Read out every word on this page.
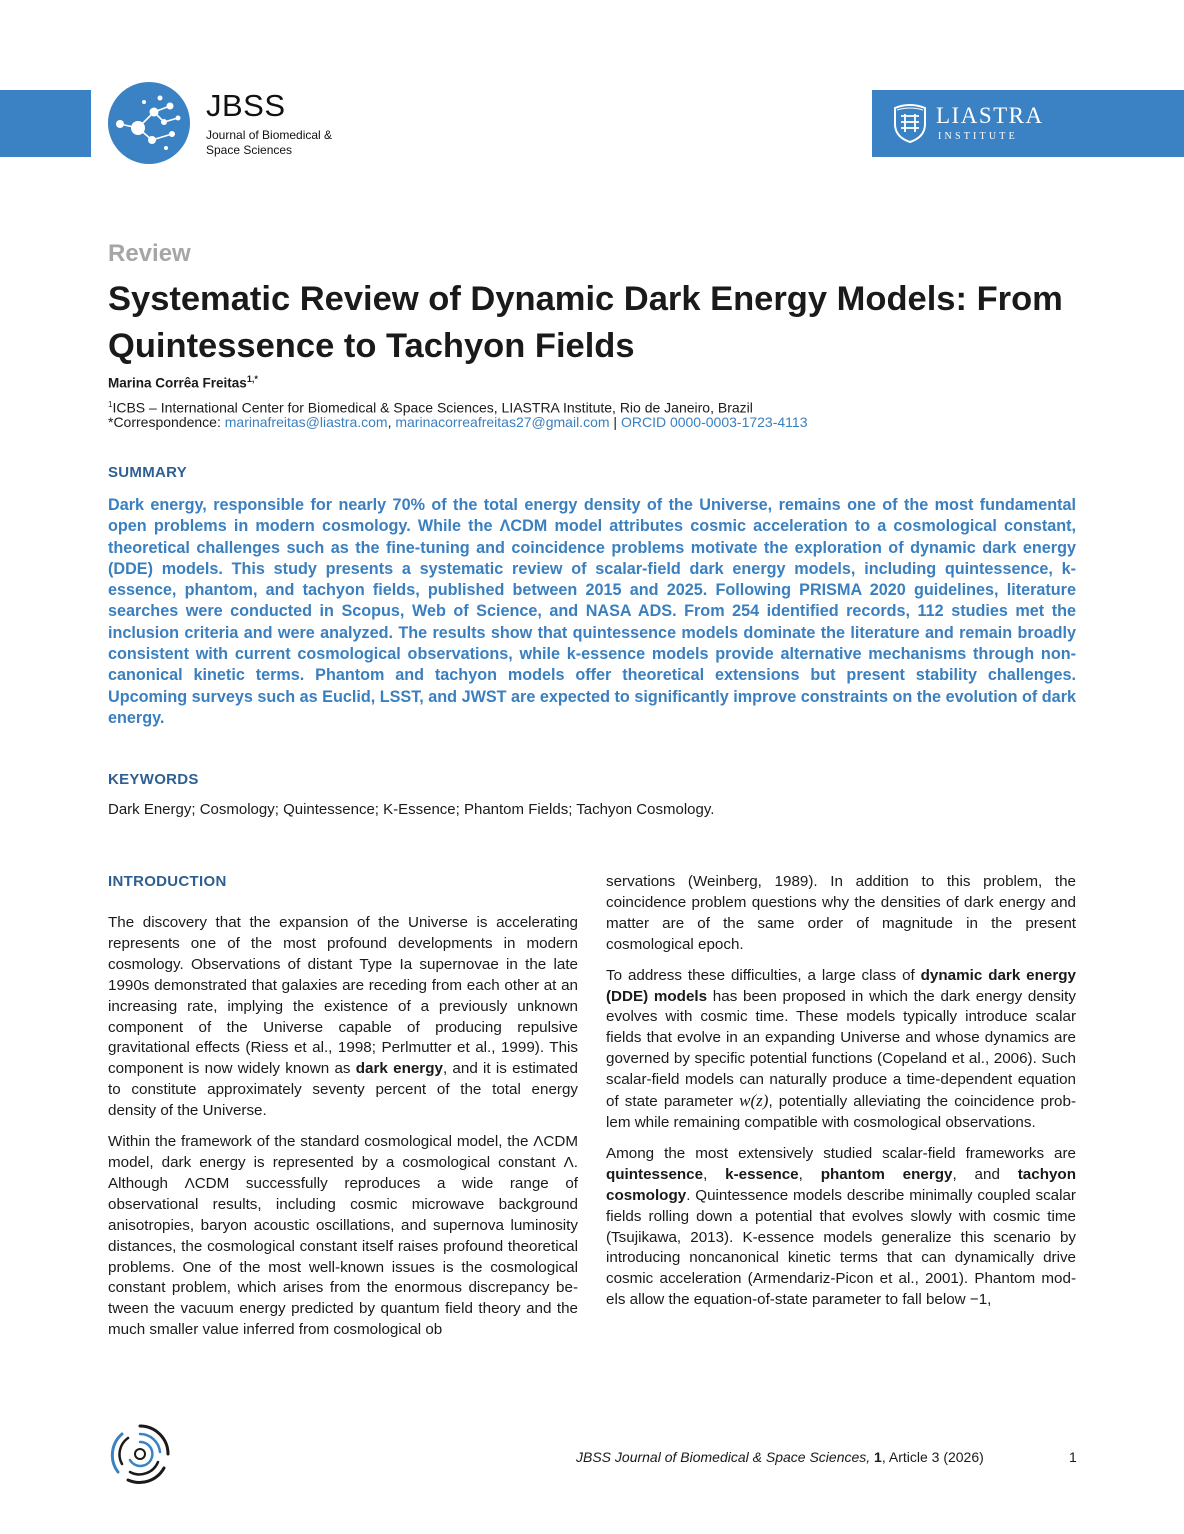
JBSS
Journal of Biomedical &
Space Sciences
LIASTRA
INSTITUTE
Review
Systematic Review of Dynamic Dark Energy Models: From Quintessence to Tachyon Fields
Marina Corrêa Freitas$^{1,*}$
$^1$ICBS – International Center for Biomedical & Space Sciences, LIASTRA Institute, Rio de Janeiro, Brazil
*Correspondence: marinafreitas@liastra.com, marinacorreafreitas27@gmail.com | ORCID 0000-0003-1723-4113
SUMMARY
Dark energy, responsible for nearly 70% of the total energy density of the Universe, remains one of the most fundamental open problems in modern cosmology. While the ΛCDM model attributes cosmic acceleration to a cosmological constant, theoretical challenges such as the fine-tuning and coincidence problems motivate the exploration of dynamic dark energy (DDE) models. This study presents a systematic review of scalar-field dark energy models, including quintessence, k-essence, phantom, and tachyon fields, published between 2015 and 2025. Following PRISMA 2020 guidelines, literature searches were conducted in Scopus, Web of Science, and NASA ADS. From 254 identified records, 112 studies met the inclusion criteria and were analyzed. The results show that quintessence models dominate the literature and remain broadly consistent with current cosmological observations, while k-essence models provide alternative mechanisms through non-canonical kinetic terms. Phantom and tachyon models offer theoretical extensions but present stability challenges. Upcoming surveys such as Euclid, LSST, and JWST are expected to significantly improve constraints on the evolution of dark energy.
KEYWORDS
Dark Energy; Cosmology; Quintessence; K-Essence; Phantom Fields; Tachyon Cosmology.
INTRODUCTION

The discovery that the expansion of the Universe is accelerating represents one of the most profound developments in modern cosmology. Observations of distant Type Ia supernovae in the late 1990s demonstrated that galaxies are receding from each other at an increasing rate, implying the existence of a previously unknown component of the Universe capable of producing repulsive gravitational effects (Riess et al., 1998; Perlmutter et al., 1999). This component is now widely known as dark energy, and it is estimated to constitute approximately seventy percent of the total energy density of the Universe.

Within the framework of the standard cosmological model, the ΛCDM model, dark energy is represented by a cosmological constant Λ. Although ΛCDM successfully reproduces a wide range of observational results, including cosmic microwave background anisotropies, baryon acoustic oscillations, and supernova luminosity distances, the cosmological constant itself raises profound theoretical problems. One of the most well-known issues is the cosmological constant problem, which arises from the enormous discrepancy between the vacuum energy predicted by quantum field theory and the much smaller value inferred from cosmological ob

servations (Weinberg, 1989). In addition to this problem, the coincidence problem questions why the densities of dark energy and matter are of the same order of magnitude in the present cosmological epoch.

To address these difficulties, a large class of dynamic dark energy (DDE) models has been proposed in which the dark energy density evolves with cosmic time. These models typically introduce scalar fields that evolve in an expanding Universe and whose dynamics are governed by specific potential functions (Copeland et al., 2006). Such scalar-field models can naturally produce a time-dependent equation of state parameter w(z), potentially alleviating the coincidence problem while remaining compatible with cosmological observations.

Among the most extensively studied scalar-field frameworks are quintessence, k-essence, phantom energy, and tachyon cosmology. Quintessence models describe minimally coupled scalar fields rolling down a potential that evolves slowly with cosmic time (Tsujikawa, 2013). K-essence models generalize this scenario by introducing noncanonical kinetic terms that can dynamically drive cosmic acceleration (Armendariz-Picon et al., 2001). Phantom models allow the equation-of-state parameter to fall below −1,

JBSS Journal of Biomedical & Space Sciences, 1, Article 3 (2026)	1
